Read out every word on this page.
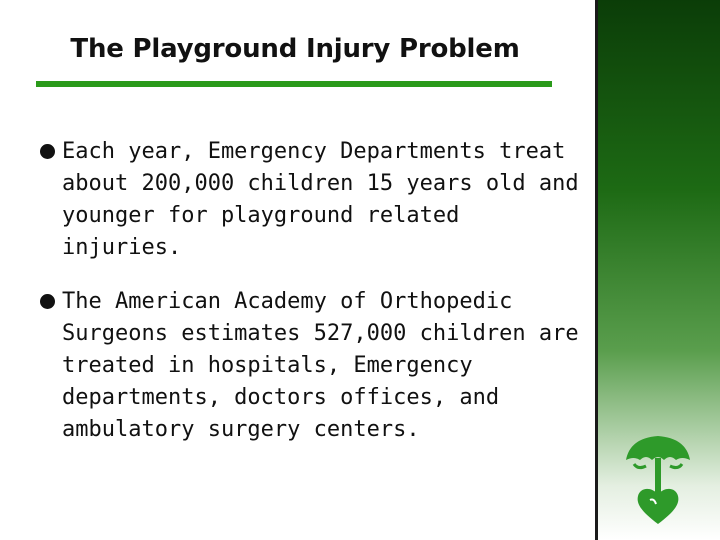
The Playground Injury Problem
Each year, Emergency Departments treat about 200,000 children 15 years old and younger for playground related injuries.
The American Academy of Orthopedic Surgeons estimates 527,000 children are treated in hospitals, Emergency departments, doctors offices, and ambulatory surgery centers.
